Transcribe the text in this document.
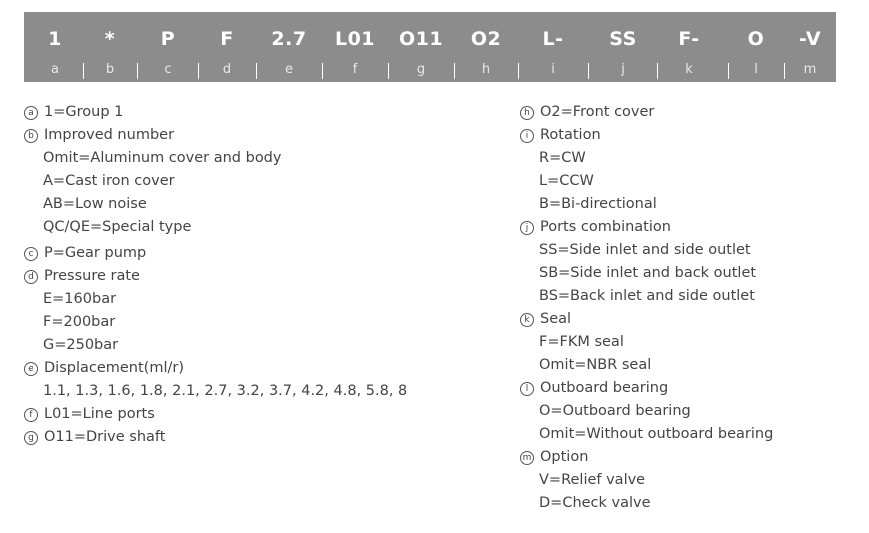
1
a
*
b
P
c
F
d
2.7
e
L01
f
O11
g
O2
h
L-
i
SS
j
F-
k
O
l
-V
m
a 1=Group 1
b Improved number
Omit=Aluminum cover and body
A=Cast iron cover
AB=Low noise
QC/QE=Special type
c P=Gear pump
d Pressure rate
E=160bar
F=200bar
G=250bar
e Displacement(ml/r)
1.1, 1.3, 1.6, 1.8, 2.1, 2.7, 3.2, 3.7, 4.2, 4.8, 5.8, 8
f L01=Line ports
g O11=Drive shaft
h O2=Front cover
i Rotation
R=CW
L=CCW
B=Bi-directional
j Ports combination
SS=Side inlet and side outlet
SB=Side inlet and back outlet
BS=Back inlet and side outlet
k Seal
F=FKM seal
Omit=NBR seal
l Outboard bearing
O=Outboard bearing
Omit=Without outboard bearing
m Option
V=Relief valve
D=Check valve
